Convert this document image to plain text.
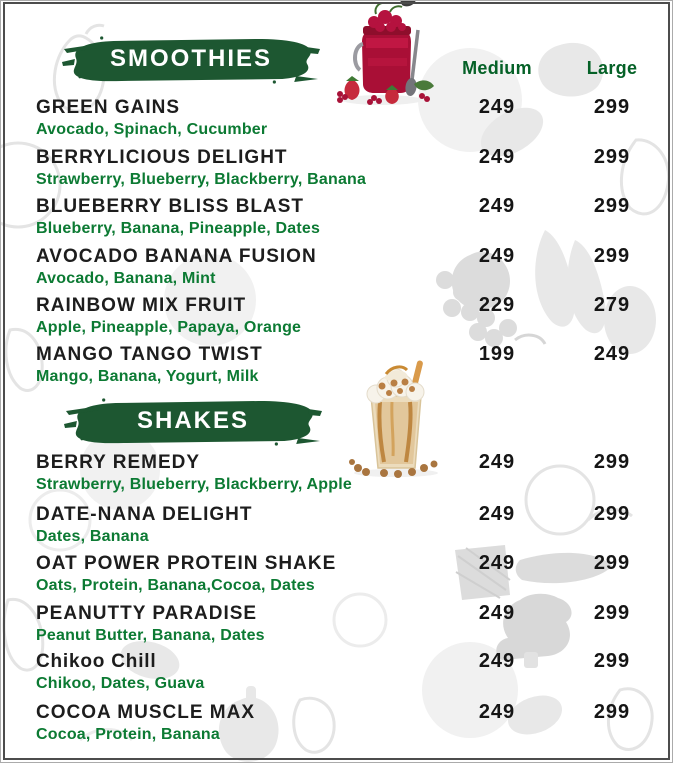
SMOOTHIES	Medium	Large
SHAKES
GREEN GAINS
Avocado, Spinach, Cucumber
249	299
BERRYLICIOUS DELIGHT
Strawberry, Blueberry, Blackberry, Banana
249	299
BLUEBERRY BLISS BLAST
Blueberry, Banana, Pineapple, Dates
249	299
AVOCADO BANANA FUSION
Avocado, Banana, Mint
249	299
RAINBOW MIX FRUIT
Apple, Pineapple, Papaya, Orange
229	279
MANGO TANGO TWIST
Mango, Banana, Yogurt, Milk
199	249
BERRY REMEDY
Strawberry, Blueberry, Blackberry, Apple
249	299
DATE-NANA DELIGHT
Dates, Banana
249	299
OAT POWER PROTEIN SHAKE
Oats, Protein, Banana,Cocoa, Dates
249	299
PEANUTTY PARADISE
Peanut Butter, Banana, Dates
249	299
Chikoo Chill
Chikoo, Dates, Guava
249	299
COCOA MUSCLE MAX
Cocoa, Protein, Banana
249	299
